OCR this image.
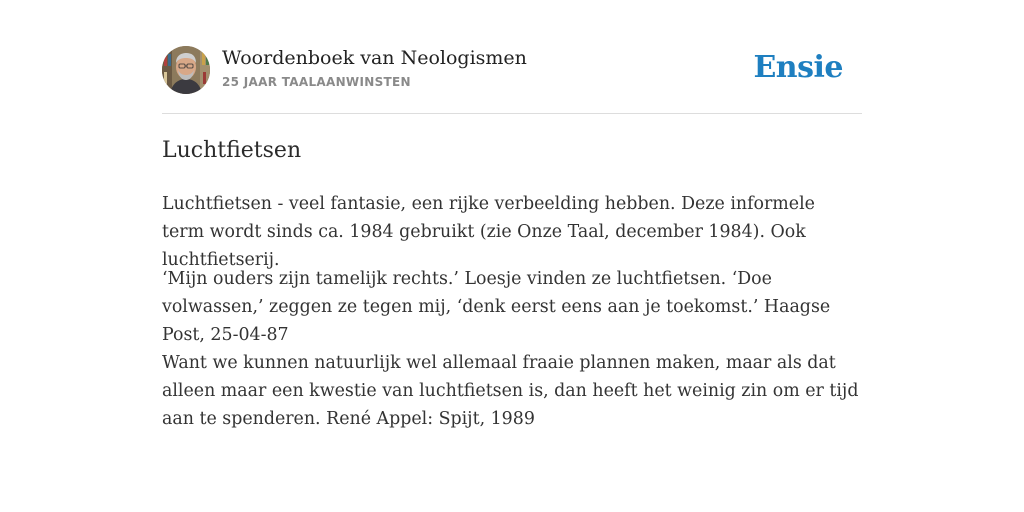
Woordenboek van Neologismen
25 JAAR TAALAANWINSTEN	Ensie
Luchtfietsen

Luchtfietsen - veel fantasie, een rijke verbeelding hebben. Deze informele term wordt sinds ca. 1984 gebruikt (zie Onze Taal, december 1984). Ook luchtfietserij.

‘Mijn ouders zijn tamelijk rechts.’ Loesje vinden ze luchtfietsen. ‘Doe volwassen,’ zeggen ze tegen mij, ‘denk eerst eens aan je toekomst.’ Haagse Post, 25-04-87

Want we kunnen natuurlijk wel allemaal fraaie plannen maken, maar als dat alleen maar een kwestie van luchtfietsen is, dan heeft het weinig zin om er tijd aan te spenderen. René Appel: Spijt, 1989
